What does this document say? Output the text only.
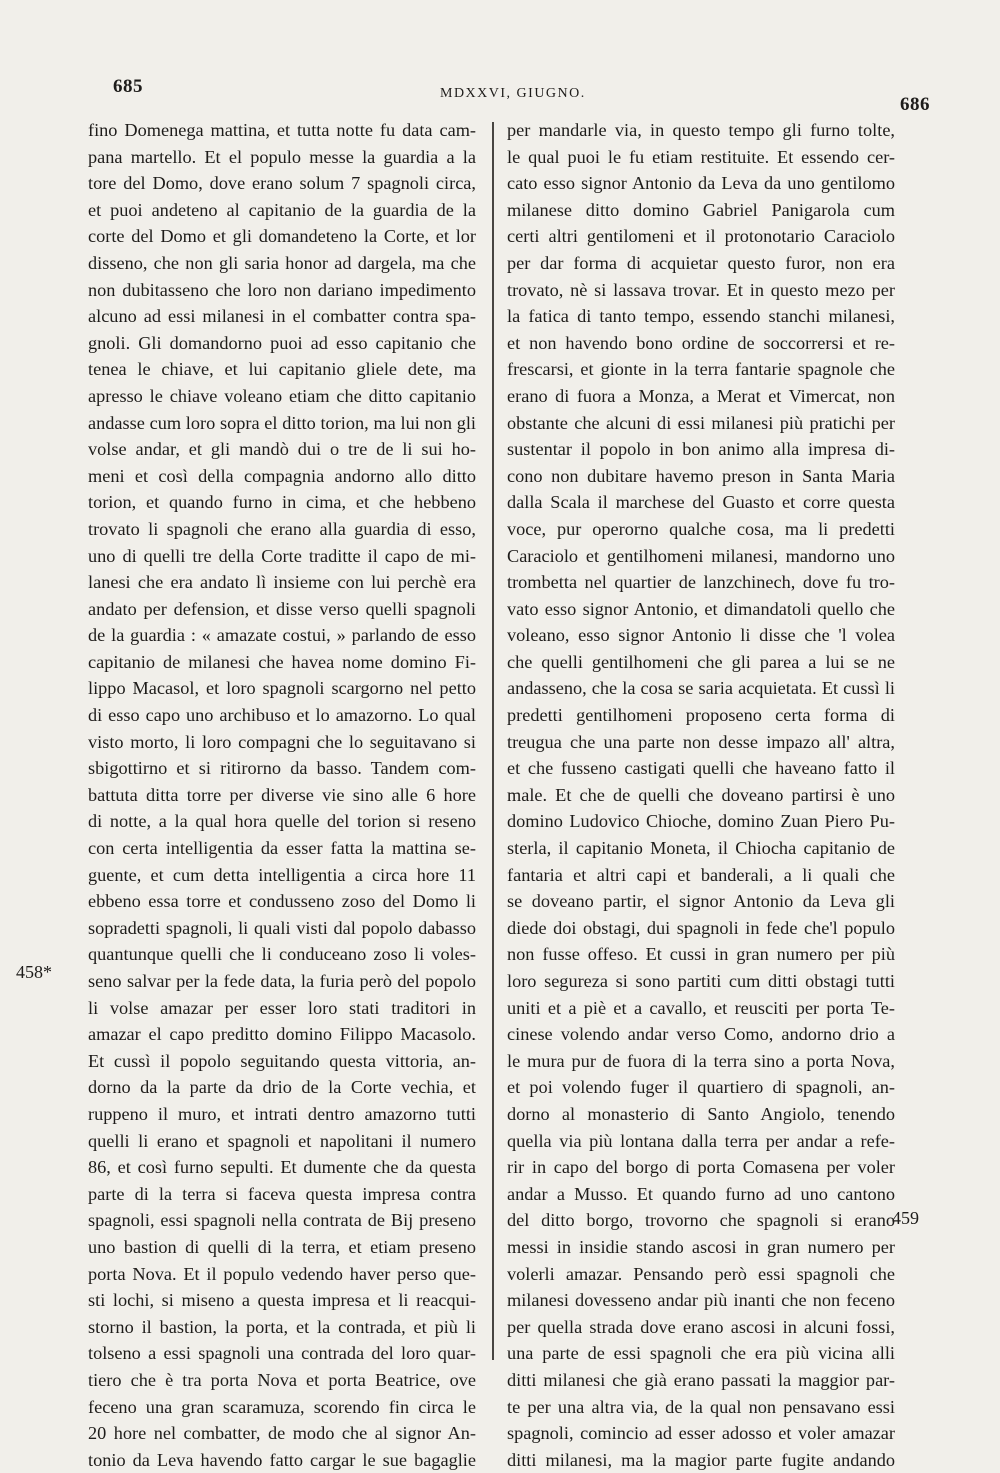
685	MDXXVI, GIUGNO.
686
fino Domenega mattina, et tutta notte fu data cam-
pana martello. Et el populo messe la guardia a la
tore del Domo, dove erano solum 7 spagnoli circa,
et puoi andeteno al capitanio de la guardia de la
corte del Domo et gli domandeteno la Corte, et lor
disseno, che non gli saria honor ad dargela, ma che
non dubitasseno che loro non dariano impedimento
alcuno ad essi milanesi in el combatter contra spa-
gnoli. Gli domandorno puoi ad esso capitanio che
tenea le chiave, et lui capitanio gliele dete, ma
apresso le chiave voleano etiam che ditto capitanio
andasse cum loro sopra el ditto torion, ma lui non gli
volse andar, et gli mandò dui o tre de li sui ho-
meni et così della compagnia andorno allo ditto
torion, et quando furno in cima, et che hebbeno
trovato li spagnoli che erano alla guardia di esso,
uno di quelli tre della Corte traditte il capo de mi-
lanesi che era andato lì insieme con lui perchè era
andato per defension, et disse verso quelli spagnoli
de la guardia : « amazate costui, » parlando de esso
capitanio de milanesi che havea nome domino Fi-
lippo Macasol, et loro spagnoli scargorno nel petto
di esso capo uno archibuso et lo amazorno. Lo qual
visto morto, li loro compagni che lo seguitavano si
sbigottirno et si ritirorno da basso. Tandem com-
battuta ditta torre per diverse vie sino alle 6 hore
di notte, a la qual hora quelle del torion si reseno
con certa intelligentia da esser fatta la mattina se-
guente, et cum detta intelligentia a circa hore 11
ebbeno essa torre et condusseno zoso del Domo li
sopradetti spagnoli, li quali visti dal popolo dabasso
quantunque quelli che li conduceano zoso li voles-
seno salvar per la fede data, la furia però del popolo
li volse amazar per esser loro stati traditori in
amazar el capo preditto domino Filippo Macasolo.
Et cussì il popolo seguitando questa vittoria, an-
dorno da la parte da drio de la Corte vechia, et
ruppeno il muro, et intrati dentro amazorno tutti
quelli li erano et spagnoli et napolitani il numero
86, et così furno sepulti. Et dumente che da questa
parte di la terra si faceva questa impresa contra
spagnoli, essi spagnoli nella contrata de Bij preseno
uno bastion di quelli di la terra, et etiam preseno
porta Nova. Et il populo vedendo haver perso que-
sti lochi, si miseno a questa impresa et li reacqui-
storno il bastion, la porta, et la contrada, et più li
tolseno a essi spagnoli una contrada del loro quar-
tiero che è tra porta Nova et porta Beatrice, ove
feceno una gran scaramuza, scorendo fin circa le
20 hore nel combatter, de modo che al signor An-
tonio da Leva havendo fatto cargar le sue bagaglie
per mandarle via, in questo tempo gli furno tolte,
le qual puoi le fu etiam restituite. Et essendo cer-
cato esso signor Antonio da Leva da uno gentilomo
milanese ditto domino Gabriel Panigarola cum
certi altri gentilomeni et il protonotario Caraciolo
per dar forma di acquietar questo furor, non era
trovato, nè si lassava trovar. Et in questo mezo per
la fatica di tanto tempo, essendo stanchi milanesi,
et non havendo bono ordine de soccorrersi et re-
frescarsi, et gionte in la terra fantarie spagnole che
erano di fuora a Monza, a Merat et Vimercat, non
obstante che alcuni di essi milanesi più pratichi per
sustentar il popolo in bon animo alla impresa di-
cono non dubitare havemo preson in Santa Maria
dalla Scala il marchese del Guasto et corre questa
voce, pur operorno qualche cosa, ma li predetti
Caraciolo et gentilhomeni milanesi, mandorno uno
trombetta nel quartier de lanzchinech, dove fu tro-
vato esso signor Antonio, et dimandatoli quello che
voleano, esso signor Antonio li disse che 'l volea
che quelli gentilhomeni che gli parea a lui se ne
andasseno, che la cosa se saria acquietata. Et cussì li
predetti gentilhomeni proposeno certa forma di
treugua che una parte non desse impazo all' altra,
et che fusseno castigati quelli che haveano fatto il
male. Et che de quelli che doveano partirsi è uno
domino Ludovico Chioche, domino Zuan Piero Pu-
sterla, il capitanio Moneta, il Chiocha capitanio de
fantaria et altri capi et banderali, a li quali che
se doveano partir, el signor Antonio da Leva gli
diede doi obstagi, dui spagnoli in fede che'l populo
non fusse offeso. Et cussi in gran numero per più
loro segureza si sono partiti cum ditti obstagi tutti
uniti et a piè et a cavallo, et reusciti per porta Te-
cinese volendo andar verso Como, andorno drio a
le mura pur de fuora di la terra sino a porta Nova,
et poi volendo fuger il quartiero di spagnoli, an-
dorno al monasterio di Santo Angiolo, tenendo
quella via più lontana dalla terra per andar a refe-
rir in capo del borgo di porta Comasena per voler
andar a Musso. Et quando furno ad uno cantono
del ditto borgo, trovorno che spagnoli si erano
messi in insidie stando ascosi in gran numero per
volerli amazar. Pensando però essi spagnoli che
milanesi dovesseno andar più inanti che non feceno
per quella strada dove erano ascosi in alcuni fossi,
una parte de essi spagnoli che era più vicina alli
ditti milanesi che già erano passati la maggior par-
te per una altra via, de la qual non pensavano essi
spagnoli, comincio ad esser adosso et voler amazar
ditti milanesi, ma la magior parte fugite andando
458*
459
